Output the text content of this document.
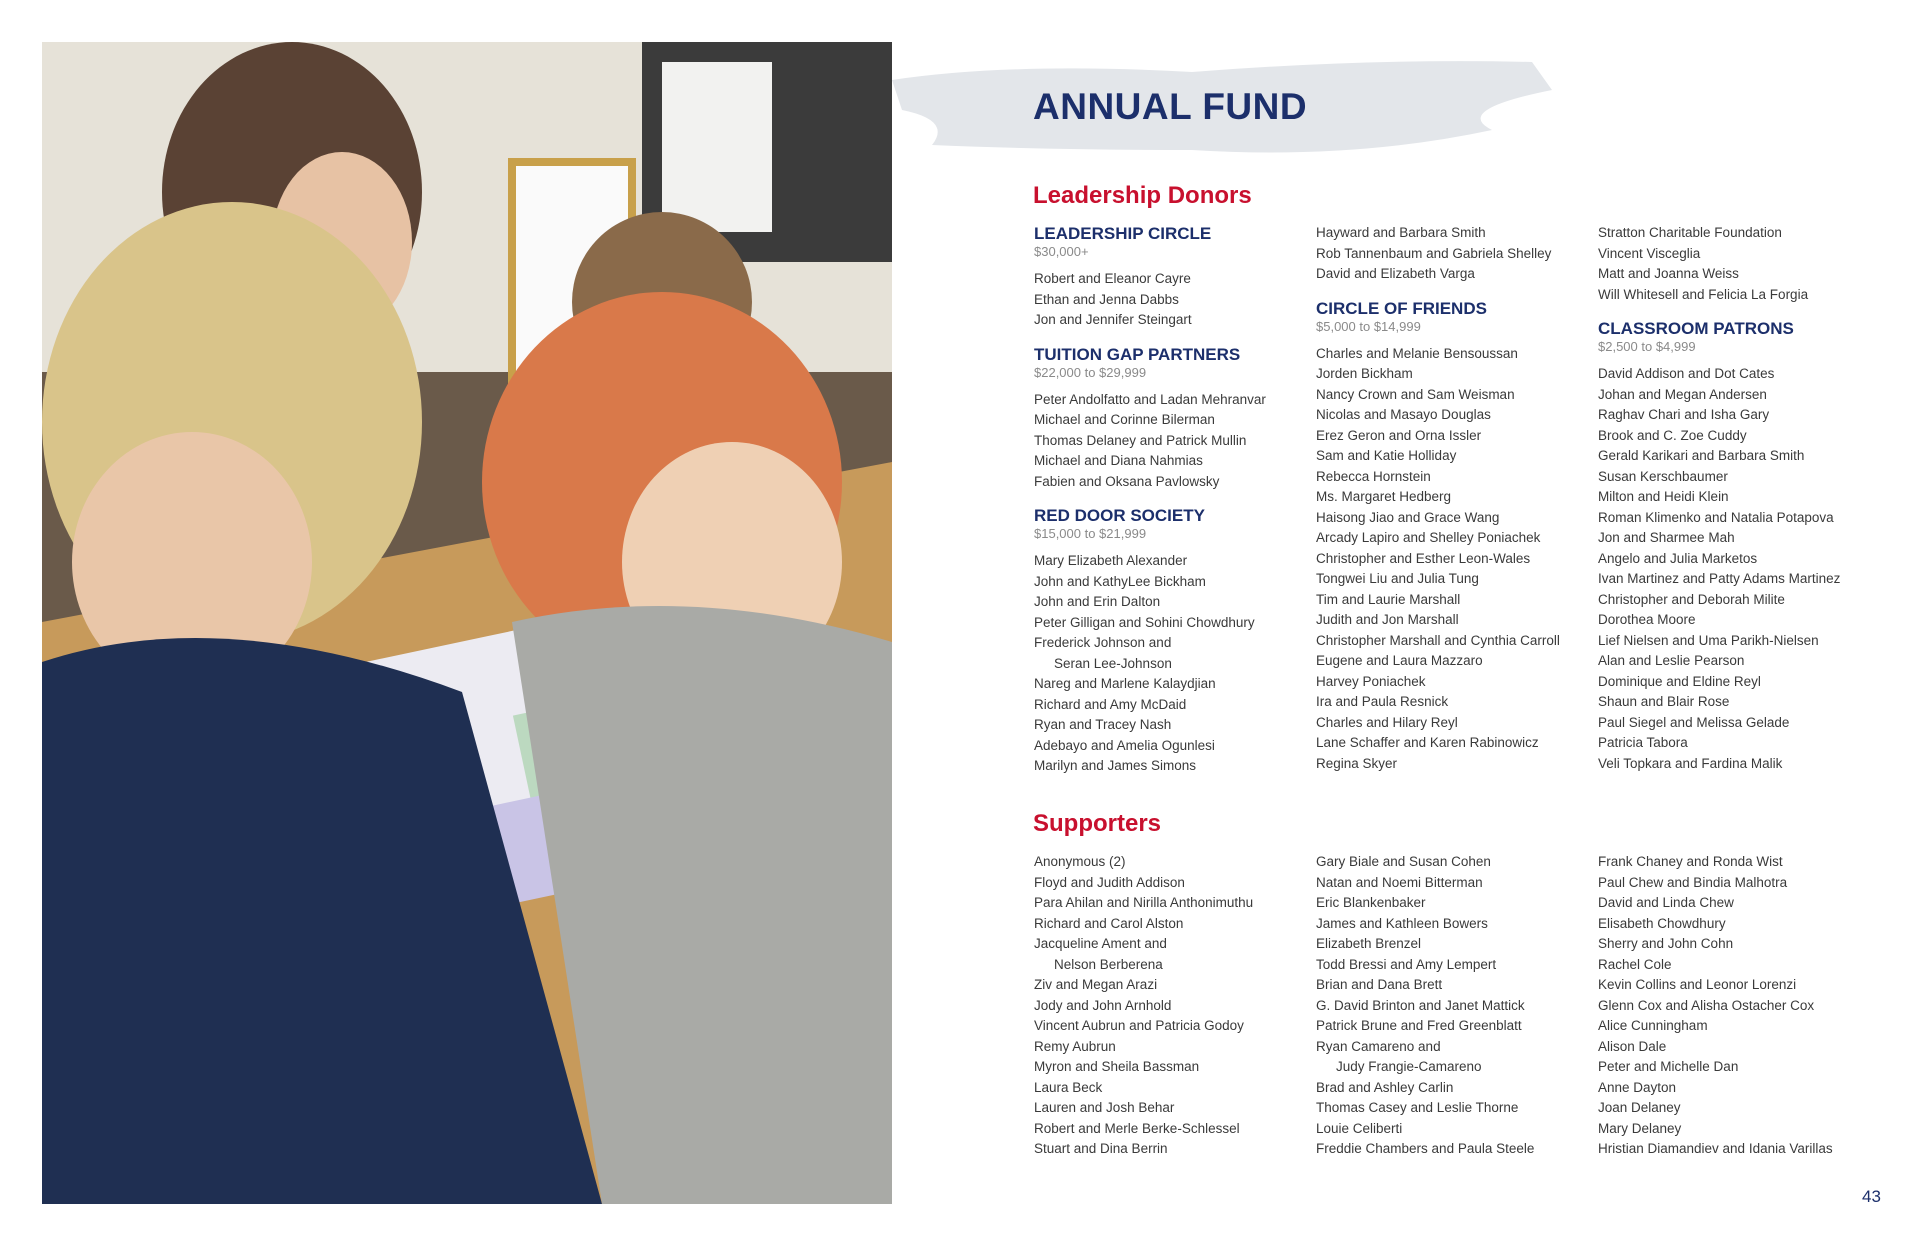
ANNUAL FUND
Leadership Donors
LEADERSHIP CIRCLE
$30,000+
Robert and Eleanor Cayre
Ethan and Jenna Dabbs
Jon and Jennifer Steingart
TUITION GAP PARTNERS
$22,000 to $29,999
Peter Andolfatto and Ladan Mehranvar
Michael and Corinne Bilerman
Thomas Delaney and Patrick Mullin
Michael and Diana Nahmias
Fabien and Oksana Pavlowsky
RED DOOR SOCIETY
$15,000 to $21,999
Mary Elizabeth Alexander
John and KathyLee Bickham
John and Erin Dalton
Peter Gilligan and Sohini Chowdhury
Frederick Johnson and
Seran Lee-Johnson
Nareg and Marlene Kalaydjian
Richard and Amy McDaid
Ryan and Tracey Nash
Adebayo and Amelia Ogunlesi
Marilyn and James Simons
Hayward and Barbara Smith
Rob Tannenbaum and Gabriela Shelley
David and Elizabeth Varga
CIRCLE OF FRIENDS
$5,000 to $14,999
Charles and Melanie Bensoussan
Jorden Bickham
Nancy Crown and Sam Weisman
Nicolas and Masayo Douglas
Erez Geron and Orna Issler
Sam and Katie Holliday
Rebecca Hornstein
Ms. Margaret Hedberg
Haisong Jiao and Grace Wang
Arcady Lapiro and Shelley Poniachek
Christopher and Esther Leon-Wales
Tongwei Liu and Julia Tung
Tim and Laurie Marshall
Judith and Jon Marshall
Christopher Marshall and Cynthia Carroll
Eugene and Laura Mazzaro
Harvey Poniachek
Ira and Paula Resnick
Charles and Hilary Reyl
Lane Schaffer and Karen Rabinowicz
Regina Skyer
Stratton Charitable Foundation
Vincent Visceglia
Matt and Joanna Weiss
Will Whitesell and Felicia La Forgia
CLASSROOM PATRONS
$2,500 to $4,999
David Addison and Dot Cates
Johan and Megan Andersen
Raghav Chari and Isha Gary
Brook and C. Zoe Cuddy
Gerald Karikari and Barbara Smith
Susan Kerschbaumer
Milton and Heidi Klein
Roman Klimenko and Natalia Potapova
Jon and Sharmee Mah
Angelo and Julia Marketos
Ivan Martinez and Patty Adams Martinez
Christopher and Deborah Milite
Dorothea Moore
Lief Nielsen and Uma Parikh-Nielsen
Alan and Leslie Pearson
Dominique and Eldine Reyl
Shaun and Blair Rose
Paul Siegel and Melissa Gelade
Patricia Tabora
Veli Topkara and Fardina Malik
Supporters
Anonymous (2)
Floyd and Judith Addison
Para Ahilan and Nirilla Anthonimuthu
Richard and Carol Alston
Jacqueline Ament and
Nelson Berberena
Ziv and Megan Arazi
Jody and John Arnhold
Vincent Aubrun and Patricia Godoy
Remy Aubrun
Myron and Sheila Bassman
Laura Beck
Lauren and Josh Behar
Robert and Merle Berke-Schlessel
Stuart and Dina Berrin
Gary Biale and Susan Cohen
Natan and Noemi Bitterman
Eric Blankenbaker
James and Kathleen Bowers
Elizabeth Brenzel
Todd Bressi and Amy Lempert
Brian and Dana Brett
G. David Brinton and Janet Mattick
Patrick Brune and Fred Greenblatt
Ryan Camareno and
Judy Frangie-Camareno
Brad and Ashley Carlin
Thomas Casey and Leslie Thorne
Louie Celiberti
Freddie Chambers and Paula Steele
Frank Chaney and Ronda Wist
Paul Chew and Bindia Malhotra
David and Linda Chew
Elisabeth Chowdhury
Sherry and John Cohn
Rachel Cole
Kevin Collins and Leonor Lorenzi
Glenn Cox and Alisha Ostacher Cox
Alice Cunningham
Alison Dale
Peter and Michelle Dan
Anne Dayton
Joan Delaney
Mary Delaney
Hristian Diamandiev and Idania Varillas
43
